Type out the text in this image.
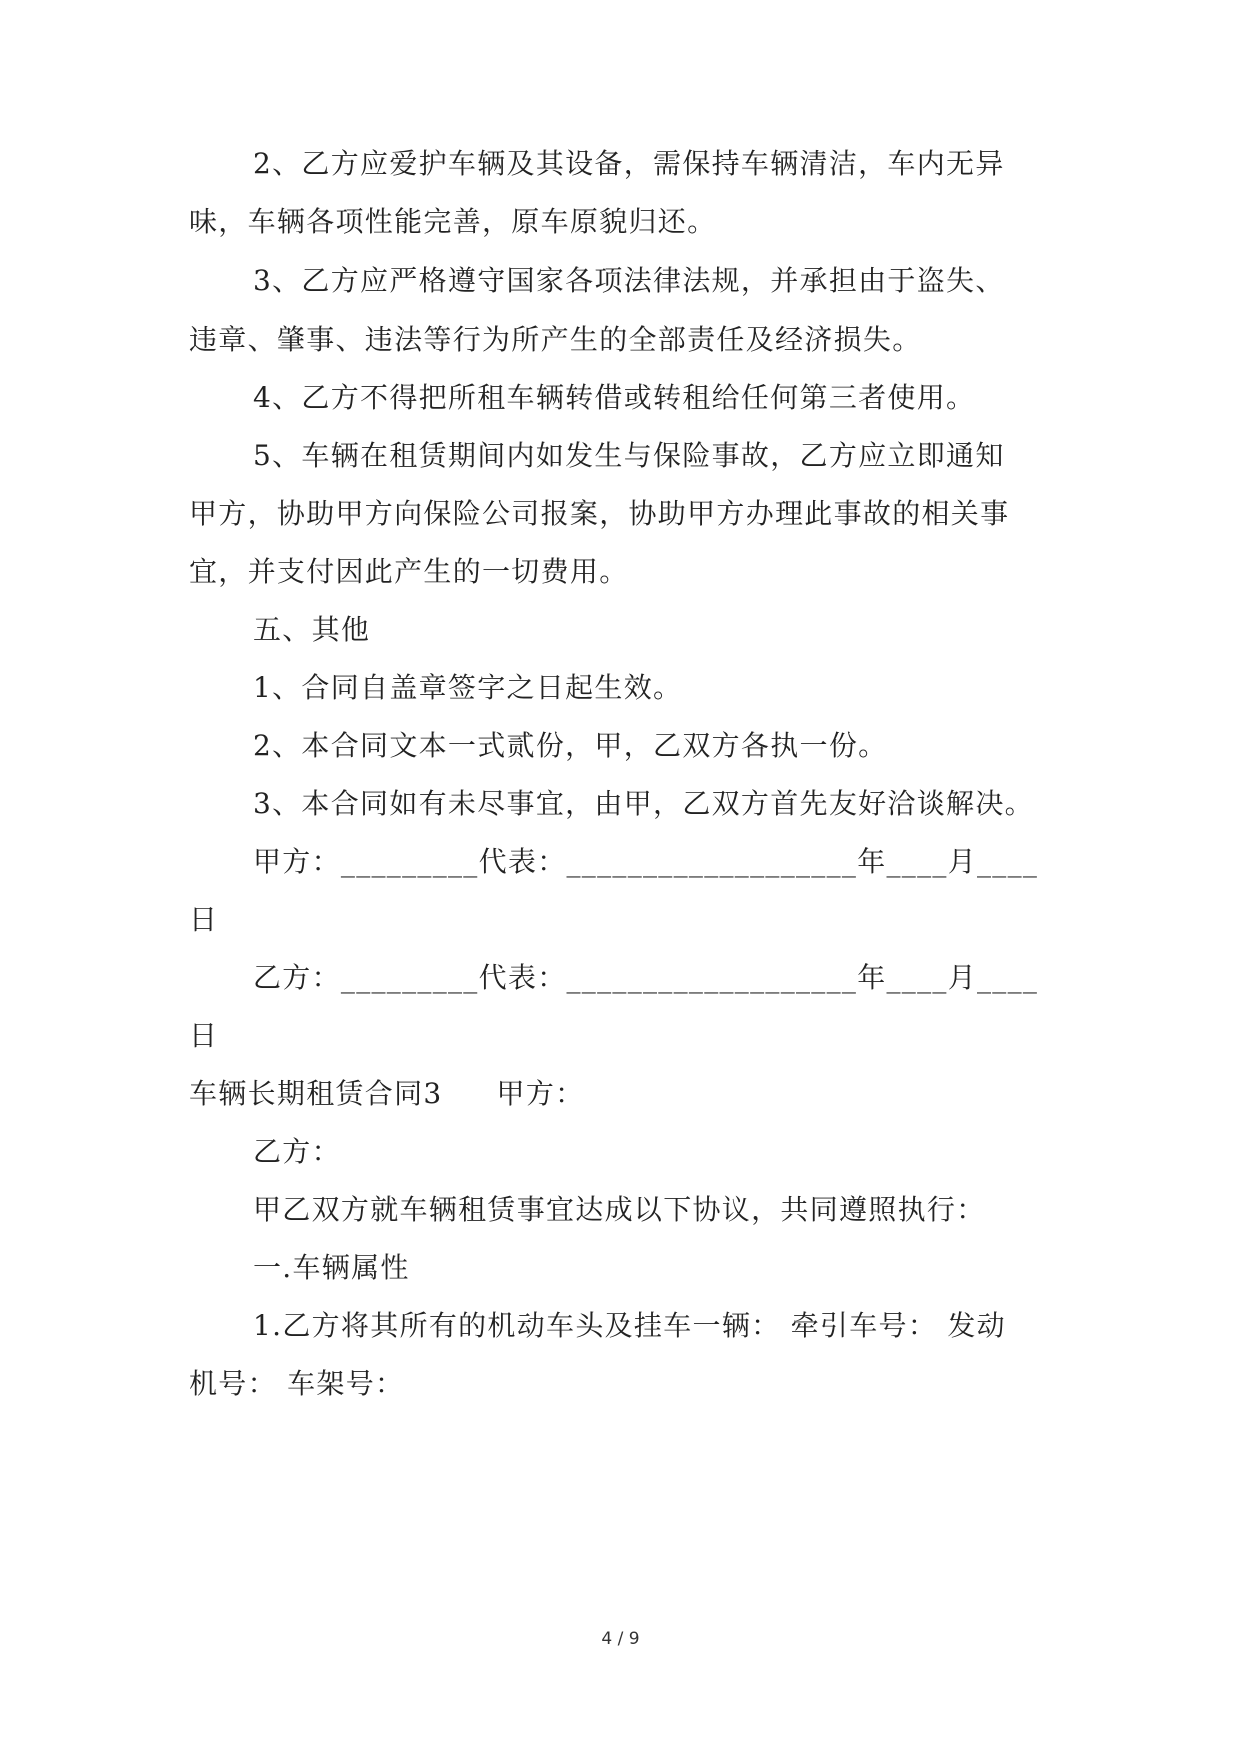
2、乙方应爱护车辆及其设备，需保持车辆清洁，车内无异
味，车辆各项性能完善，原车原貌归还。
3、乙方应严格遵守国家各项法律法规，并承担由于盗失、
违章、肇事、违法等行为所产生的全部责任及经济损失。
4、乙方不得把所租车辆转借或转租给任何第三者使用。
5、车辆在租赁期间内如发生与保险事故，乙方应立即通知
甲方，协助甲方向保险公司报案，协助甲方办理此事故的相关事
宜，并支付因此产生的一切费用。
五、其他
1、合同自盖章签字之日起生效。
2、本合同文本一式贰份，甲，乙双方各执一份。
3、本合同如有未尽事宜，由甲，乙双方首先友好洽谈解决。
甲方：_________代表：___________________年____月____
日
乙方：_________代表：___________________年____月____
日
车辆长期租赁合同3 甲方：
乙方：
甲乙双方就车辆租赁事宜达成以下协议，共同遵照执行：
一.车辆属性
1.乙方将其所有的机动车头及挂车一辆： 牵引车号： 发动
机号： 车架号：
4 / 9
